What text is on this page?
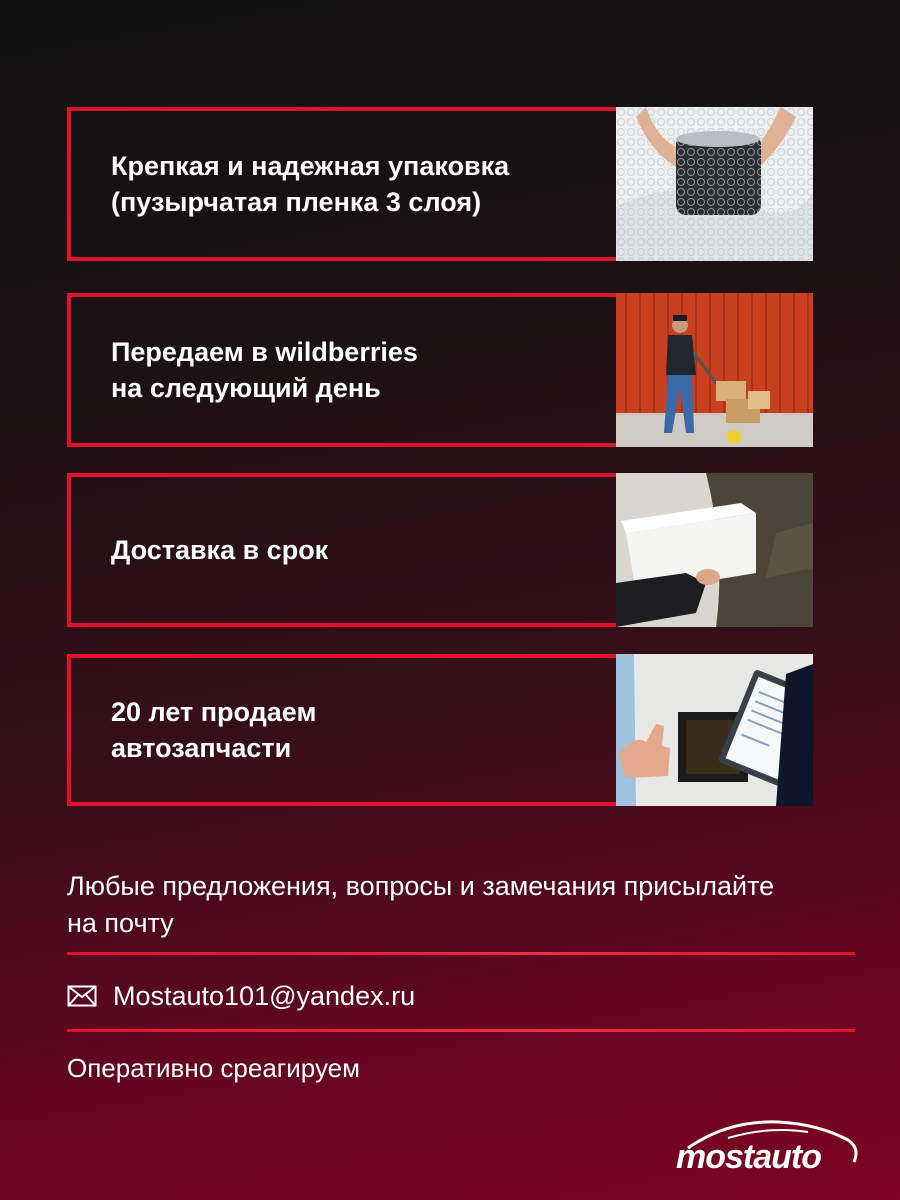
Крепкая и надежная упаковка
(пузырчатая пленка 3 слоя)
Передаем в wildberries
на следующий день
Доставка в срок
20 лет продаем
автозапчасти
Любые предложения, вопросы и замечания присылайте
на почту
Mostauto101@yandex.ru
Оперативно среагируем
mostauto
